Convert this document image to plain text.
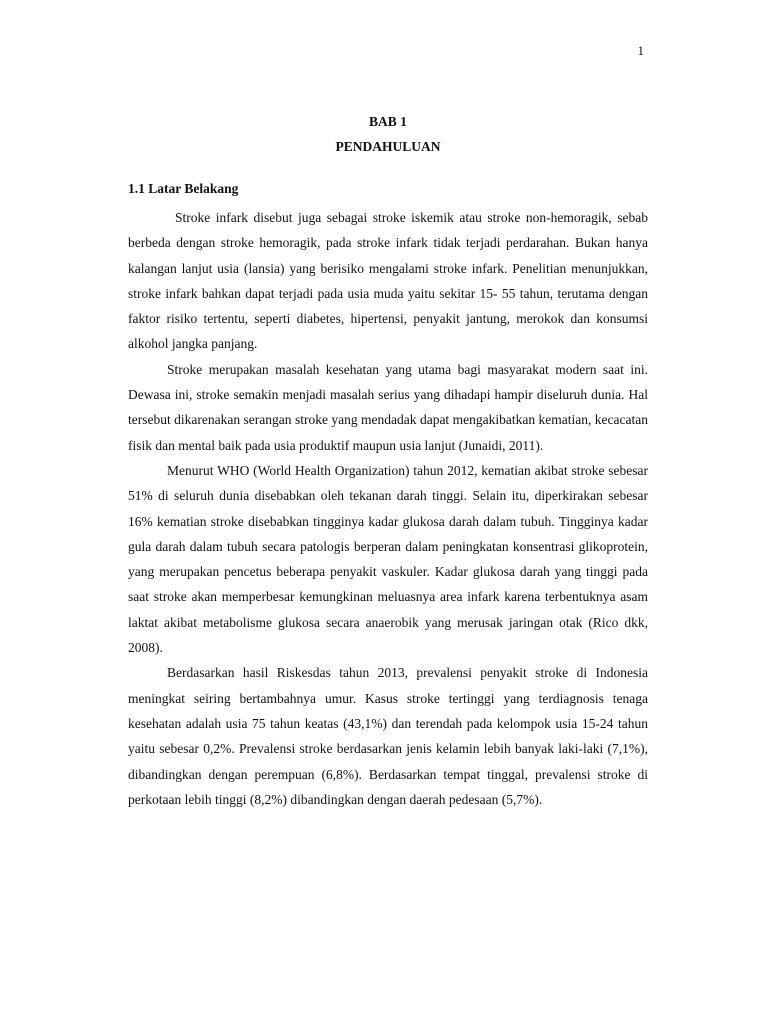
1
BAB 1
PENDAHULUAN
1.1 Latar Belakang

Stroke infark disebut juga sebagai stroke iskemik atau stroke non-hemoragik, sebab berbeda dengan stroke hemoragik, pada stroke infark tidak terjadi perdarahan. Bukan hanya kalangan lanjut usia (lansia) yang berisiko mengalami stroke infark. Penelitian menunjukkan, stroke infark bahkan dapat terjadi pada usia muda yaitu sekitar 15- 55 tahun, terutama dengan faktor risiko tertentu, seperti diabetes, hipertensi, penyakit jantung, merokok dan konsumsi alkohol jangka panjang.

Stroke merupakan masalah kesehatan yang utama bagi masyarakat modern saat ini. Dewasa ini, stroke semakin menjadi masalah serius yang dihadapi hampir diseluruh dunia. Hal tersebut dikarenakan serangan stroke yang mendadak dapat mengakibatkan kematian, kecacatan fisik dan mental baik pada usia produktif maupun usia lanjut (Junaidi, 2011).

Menurut WHO (World Health Organization) tahun 2012, kematian akibat stroke sebesar 51% di seluruh dunia disebabkan oleh tekanan darah tinggi. Selain itu, diperkirakan sebesar 16% kematian stroke disebabkan tingginya kadar glukosa darah dalam tubuh. Tingginya kadar gula darah dalam tubuh secara patologis berperan dalam peningkatan konsentrasi glikoprotein, yang merupakan pencetus beberapa penyakit vaskuler. Kadar glukosa darah yang tinggi pada saat stroke akan memperbesar kemungkinan meluasnya area infark karena terbentuknya asam laktat akibat metabolisme glukosa secara anaerobik yang merusak jaringan otak (Rico dkk, 2008).

Berdasarkan hasil Riskesdas tahun 2013, prevalensi penyakit stroke di Indonesia meningkat seiring bertambahnya umur. Kasus stroke tertinggi yang terdiagnosis tenaga kesehatan adalah usia 75 tahun keatas (43,1%) dan terendah pada kelompok usia 15-24 tahun yaitu sebesar 0,2%. Prevalensi stroke berdasarkan jenis kelamin lebih banyak laki-laki (7,1%), dibandingkan dengan perempuan (6,8%). Berdasarkan tempat tinggal, prevalensi stroke di perkotaan lebih tinggi (8,2%) dibandingkan dengan daerah pedesaan (5,7%).
